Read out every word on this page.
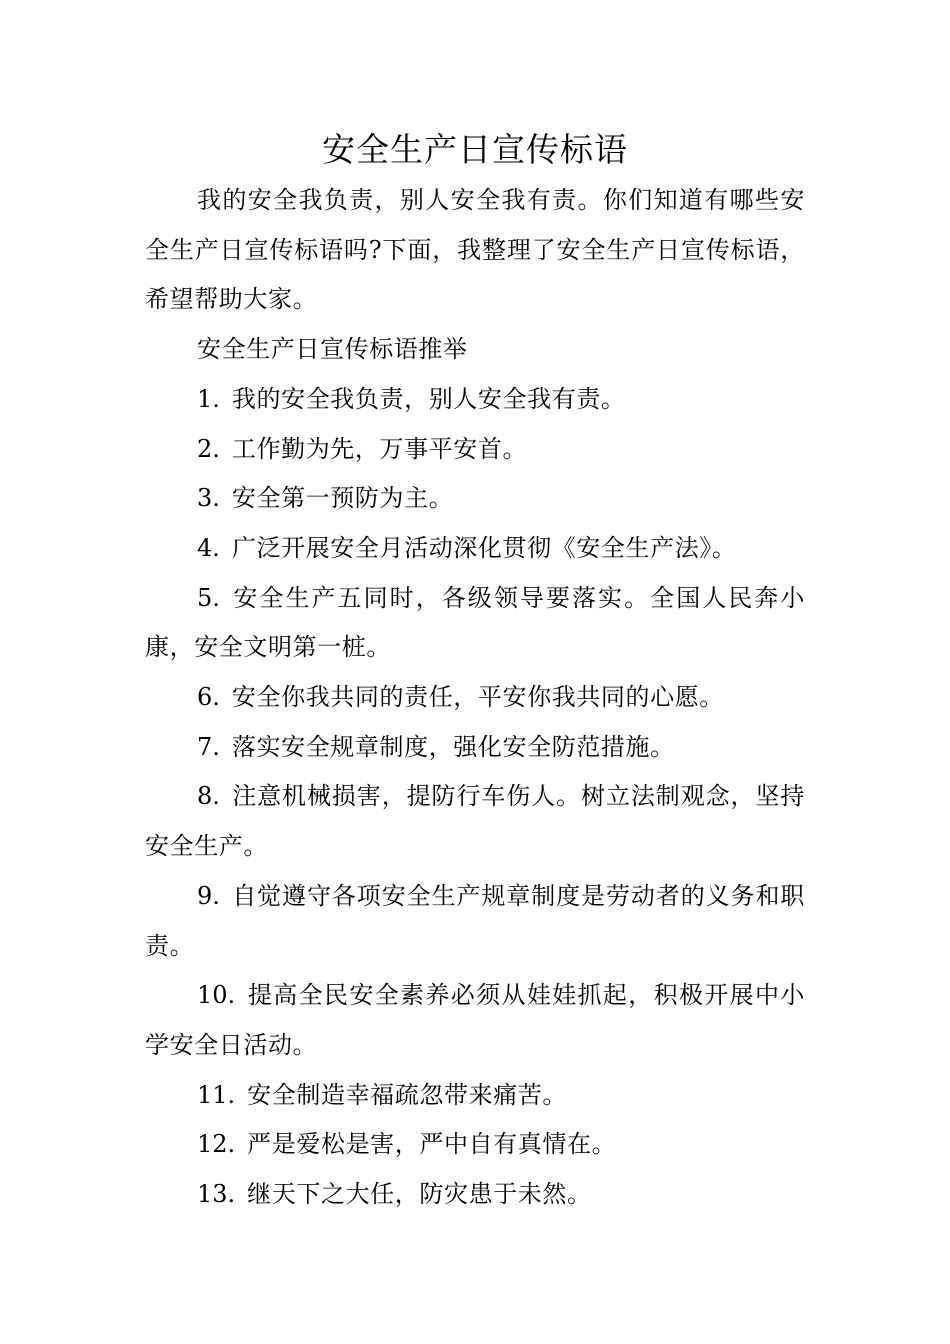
安全生产日宣传标语

我的安全我负责，别人安全我有责。你们知道有哪些安全生产日宣传标语吗?下面，我整理了安全生产日宣传标语，希望帮助大家。

安全生产日宣传标语推举

1. 我的安全我负责，别人安全我有责。

2. 工作勤为先，万事平安首。

3. 安全第一预防为主。

4. 广泛开展安全月活动深化贯彻《安全生产法》。

5. 安全生产五同时，各级领导要落实。全国人民奔小康，安全文明第一桩。

6. 安全你我共同的责任，平安你我共同的心愿。

7. 落实安全规章制度，强化安全防范措施。

8. 注意机械损害，提防行车伤人。树立法制观念，坚持安全生产。

9. 自觉遵守各项安全生产规章制度是劳动者的义务和职责。

10. 提高全民安全素养必须从娃娃抓起，积极开展中小学安全日活动。

11. 安全制造幸福疏忽带来痛苦。

12. 严是爱松是害，严中自有真情在。

13. 继天下之大任，防灾患于未然。
